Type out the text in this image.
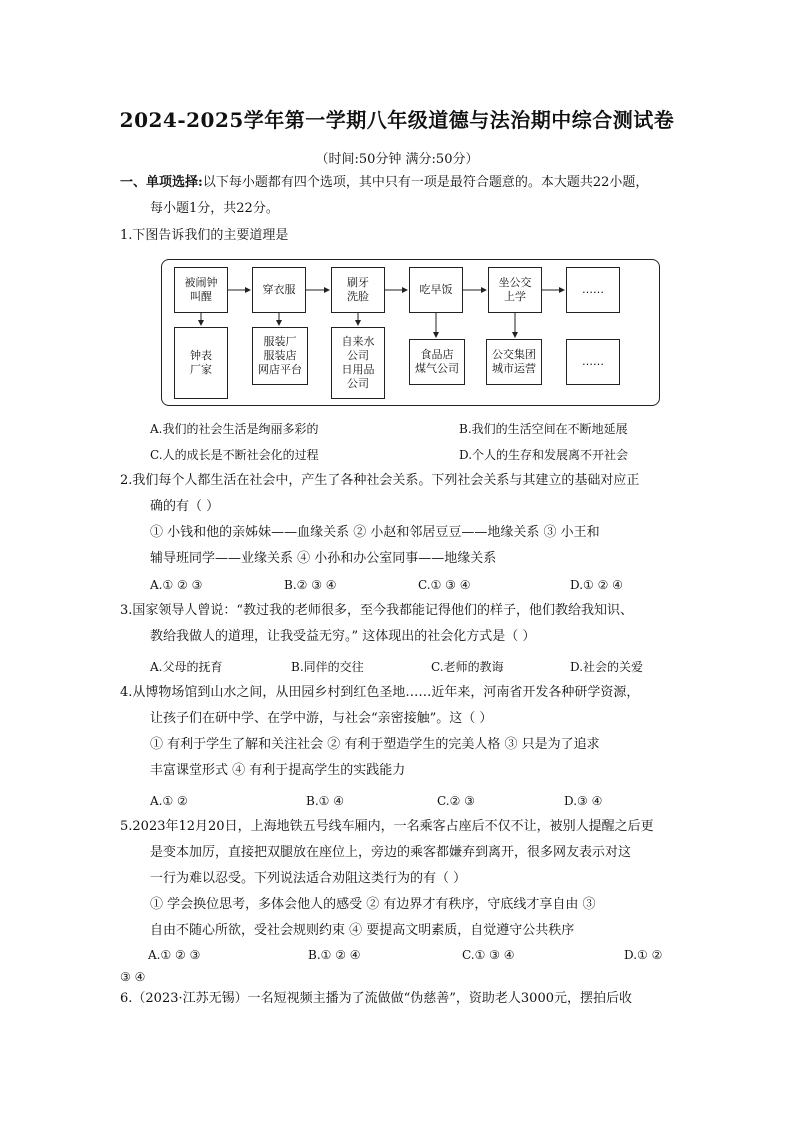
2024-2025学年第一学期八年级道德与法治期中综合测试卷
（时间:50分钟 满分:50分）
一、单项选择:以下每小题都有四个选项，其中只有一项是最符合题意的。本大题共22小题，
每小题1分，共22分。
1.下图告诉我们的主要道理是
被闹钟
叫醒
穿衣服
刷牙
洗脸
吃早饭
坐公交
上学
……
钟表
厂家
服装厂
服装店
网店平台
自来水
公司
日用品
公司
食品店
煤气公司
公交集团
城市运营
……
A.我们的社会生活是绚丽多彩的	B.我们的生活空间在不断地延展
C.人的成长是不断社会化的过程	D.个人的生存和发展离不开社会
2.我们每个人都生活在社会中，产生了各种社会关系。下列社会关系与其建立的基础对应正
确的有（ ）
① 小钱和他的亲姊妹——血缘关系 ② 小赵和邻居豆豆——地缘关系 ③ 小王和
辅导班同学——业缘关系 ④ 小孙和办公室同事——地缘关系
A.① ② ③	B.② ③ ④	C.① ③ ④	D.① ② ④
3.国家领导人曾说：“教过我的老师很多，至今我都能记得他们的样子，他们教给我知识、
教给我做人的道理，让我受益无穷。” 这体现出的社会化方式是（ ）
A.父母的抚育	B.同伴的交往	C.老师的教诲	D.社会的关爱
4.从博物场馆到山水之间，从田园乡村到红色圣地……近年来，河南省开发各种研学资源，
让孩子们在研中学、在学中游，与社会“亲密接触”。这（ ）
① 有利于学生了解和关注社会 ② 有利于塑造学生的完美人格 ③ 只是为了追求
丰富课堂形式 ④ 有利于提高学生的实践能力
A.① ②	B.① ④	C.② ③	D.③ ④
5.2023年12月20日，上海地铁五号线车厢内，一名乘客占座后不仅不让，被别人提醒之后更
是变本加厉，直接把双腿放在座位上，旁边的乘客都嫌弃到离开，很多网友表示对这
一行为难以忍受。下列说法适合劝阻这类行为的有（ ）
① 学会换位思考，多体会他人的感受 ② 有边界才有秩序，守底线才享自由 ③
自由不随心所欲，受社会规则约束 ④ 要提高文明素质，自觉遵守公共秩序
A.① ② ③	B.① ② ④	C.① ③ ④	D.① ②
③ ④
6.（2023·江苏无锡）一名短视频主播为了流做做“伪慈善”，资助老人3000元，摆拍后收
